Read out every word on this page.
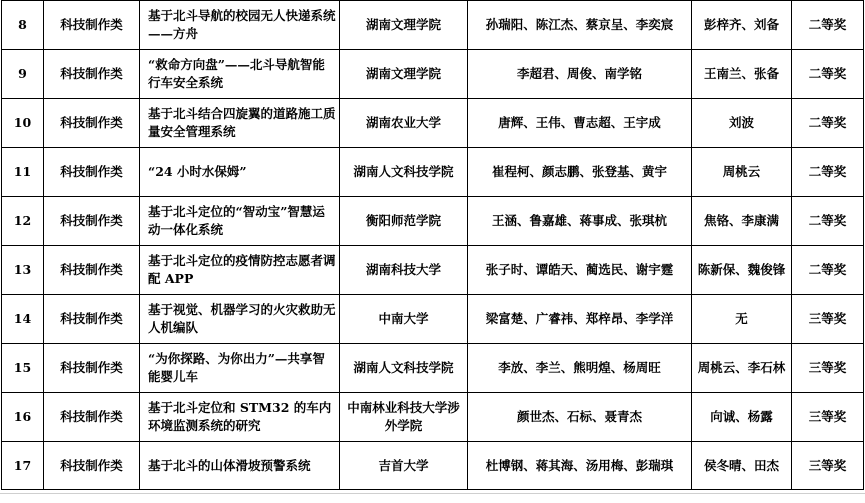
8	科技制作类	基于北斗导航的校园无人快递系统——方舟	湖南文理学院	孙瑞阳、陈江杰、蔡京呈、李奕宸	彭梓齐、刘备	二等奖
9	科技制作类	“救命方向盘”——北斗导航智能行车安全系统	湖南文理学院	李超君、周俊、南学铭	王南兰、张备	二等奖
10	科技制作类	基于北斗结合四旋翼的道路施工质量安全管理系统	湖南农业大学	唐辉、王伟、曹志超、王宇成	刘波	二等奖
11	科技制作类	“24 小时水保姆”	湖南人文科技学院	崔程柯、颜志鹏、张登基、黄宇	周桃云	二等奖
12	科技制作类	基于北斗定位的“智动宝”智慧运动一体化系统	衡阳师范学院	王涵、鲁嘉雄、蒋事成、张琪杭	焦铬、李康满	二等奖
13	科技制作类	基于北斗定位的疫情防控志愿者调配 APP	湖南科技大学	张子时、谭皓天、蔺选民、谢宇霆	陈新保、魏俊锋	二等奖
14	科技制作类	基于视觉、机器学习的火灾救助无人机编队	中南大学	梁富楚、广睿祎、郑梓昂、李学洋	无	三等奖
15	科技制作类	“为你探路、为你出力”—共享智能婴儿车	湖南人文科技学院	李放、李兰、熊明煌、杨周旺	周桃云、李石林	三等奖
16	科技制作类	基于北斗定位和 STM32 的车内环境监测系统的研究	中南林业科技大学涉外学院	颜世杰、石标、聂青杰	向诚、杨露	三等奖
17	科技制作类	基于北斗的山体滑坡预警系统	吉首大学	杜博钢、蒋其海、汤用梅、彭瑞琪	侯冬晴、田杰	三等奖
